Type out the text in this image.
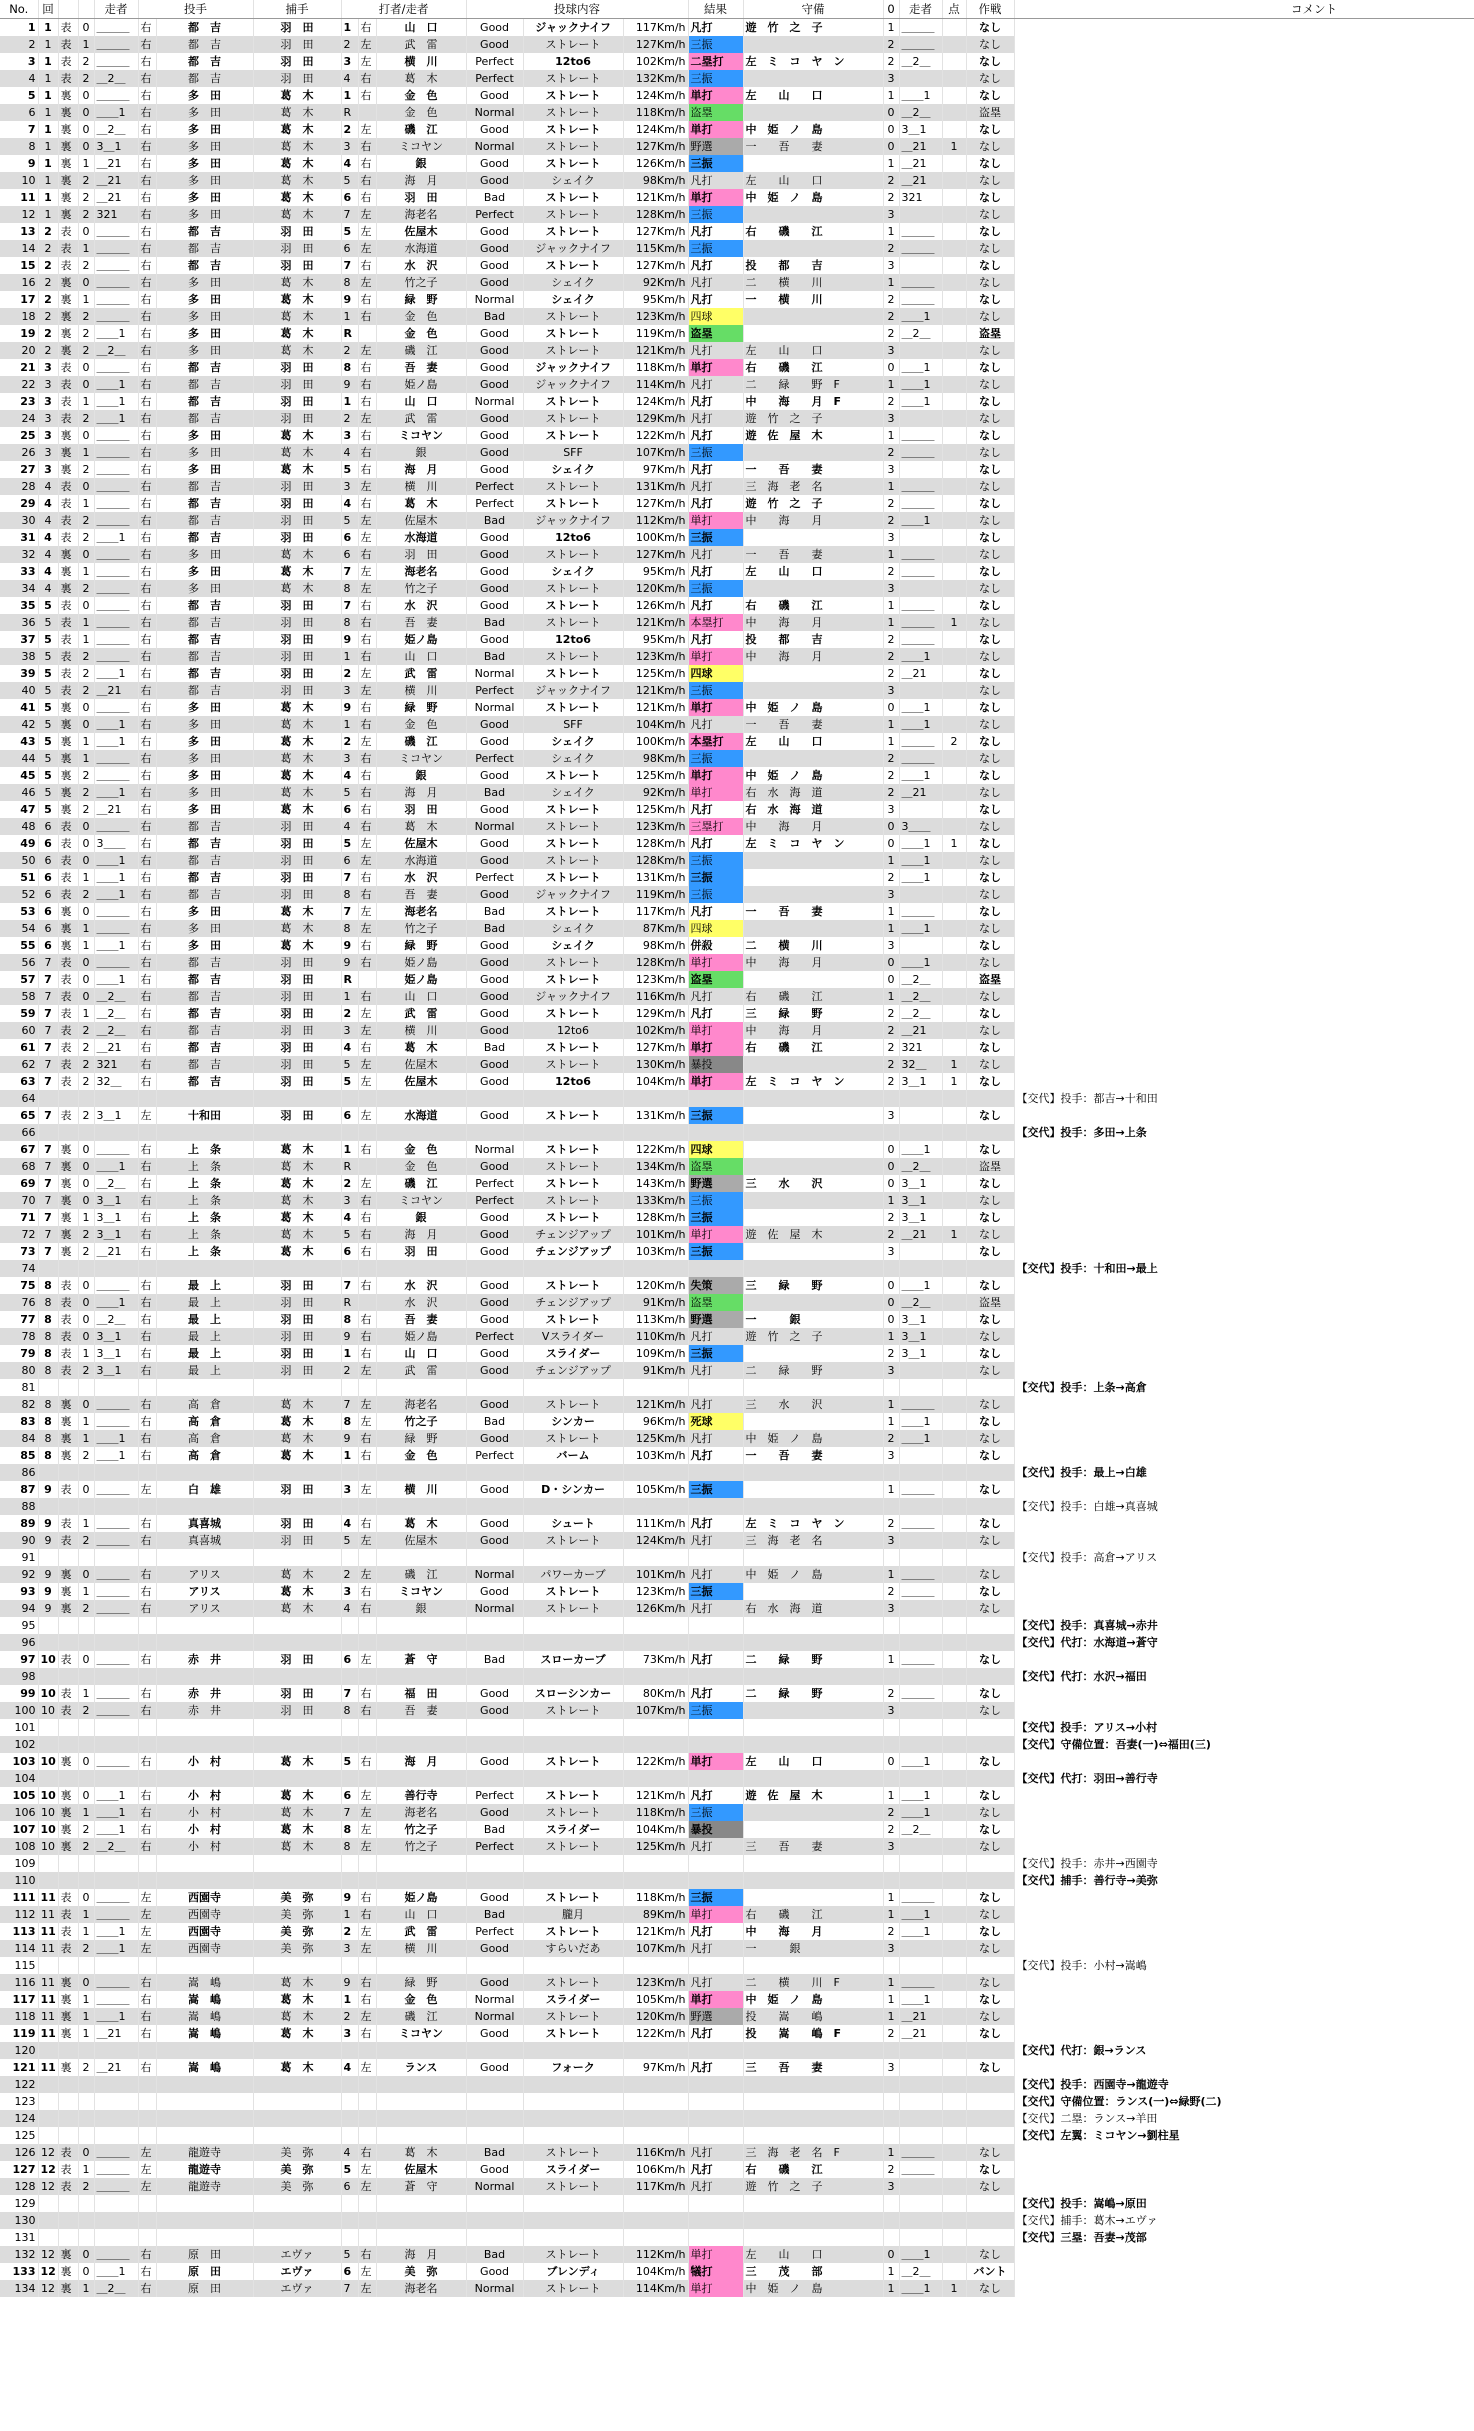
No.	回			走者	投手		捕手	打者/走者			投球内容			結果	守備	0	走者	点	作戦	コメント
1	1	表	0	＿＿＿	右	都　吉	羽　田	1	右	山　口	Good	ジャックナイフ	117Km/h	凡打	遊　竹　之　子	1	＿＿＿		なし	
2	1	表	1	＿＿＿	右	都　吉	羽　田	2	左	武　雷	Good	ストレート	127Km/h	三振		2	＿＿＿		なし	
3	1	表	2	＿＿＿	右	都　吉	羽　田	3	左	横　川	Perfect	12to6	102Km/h	二塁打	左　ミ　コ　ヤ　ン	2	＿2＿		なし	
4	1	表	2	＿2＿	右	都　吉	羽　田	4	右	葛　木	Perfect	ストレート	132Km/h	三振		3			なし	
5	1	裏	0	＿＿＿	右	多　田	葛　木	1	右	金　色	Good	ストレート	124Km/h	単打	左　　山　　口	1	＿＿1		なし	
6	1	裏	0	＿＿1	右	多　田	葛　木	R		金　色	Normal	ストレート	118Km/h	盗塁		0	＿2＿		盗塁	
7	1	裏	0	＿2＿	右	多　田	葛　木	2	左	磯　江	Good	ストレート	124Km/h	単打	中　姫　ノ　島	0	3＿1		なし	
8	1	裏	0	3＿1	右	多　田	葛　木	3	右	ミコヤン	Normal	ストレート	127Km/h	野選	一　　吾　　妻	0	＿21	1	なし	
9	1	裏	1	＿21	右	多　田	葛　木	4	右	銀	Good	ストレート	126Km/h	三振		1	＿21		なし	
10	1	裏	2	＿21	右	多　田	葛　木	5	右	海　月	Good	シェイク	98Km/h	凡打	左　　山　　口	2	＿21		なし	
11	1	裏	2	＿21	右	多　田	葛　木	6	右	羽　田	Bad	ストレート	121Km/h	単打	中　姫　ノ　島	2	321		なし	
12	1	裏	2	321	右	多　田	葛　木	7	左	海老名	Perfect	ストレート	128Km/h	三振		3			なし	
13	2	表	0	＿＿＿	右	都　吉	羽　田	5	左	佐屋木	Good	ストレート	127Km/h	凡打	右　　磯　　江	1	＿＿＿		なし	
14	2	表	1	＿＿＿	右	都　吉	羽　田	6	左	水海道	Good	ジャックナイフ	115Km/h	三振		2	＿＿＿		なし	
15	2	表	2	＿＿＿	右	都　吉	羽　田	7	右	水　沢	Good	ストレート	127Km/h	凡打	投　　都　　吉	3			なし	
16	2	裏	0	＿＿＿	右	多　田	葛　木	8	左	竹之子	Good	シェイク	92Km/h	凡打	二　　横　　川	1	＿＿＿		なし	
17	2	裏	1	＿＿＿	右	多　田	葛　木	9	右	緑　野	Normal	シェイク	95Km/h	凡打	一　　横　　川	2	＿＿＿		なし	
18	2	裏	2	＿＿＿	右	多　田	葛　木	1	右	金　色	Bad	ストレート	123Km/h	四球		2	＿＿1		なし	
19	2	裏	2	＿＿1	右	多　田	葛　木	R		金　色	Good	ストレート	119Km/h	盗塁		2	＿2＿		盗塁	
20	2	裏	2	＿2＿	右	多　田	葛　木	2	左	磯　江	Good	ストレート	121Km/h	凡打	左　　山　　口	3			なし	
21	3	表	0	＿＿＿	右	都　吉	羽　田	8	右	吾　妻	Good	ジャックナイフ	118Km/h	単打	右　　磯　　江	0	＿＿1		なし	
22	3	表	0	＿＿1	右	都　吉	羽　田	9	右	姫ノ島	Good	ジャックナイフ	114Km/h	凡打	二　　緑　　野　F	1	＿＿1		なし	
23	3	表	1	＿＿1	右	都　吉	羽　田	1	右	山　口	Normal	ストレート	124Km/h	凡打	中　　海　　月　F	2	＿＿1		なし	
24	3	表	2	＿＿1	右	都　吉	羽　田	2	左	武　雷	Good	ストレート	129Km/h	凡打	遊　竹　之　子	3			なし	
25	3	裏	0	＿＿＿	右	多　田	葛　木	3	右	ミコヤン	Good	ストレート	122Km/h	凡打	遊　佐　屋　木	1	＿＿＿		なし	
26	3	裏	1	＿＿＿	右	多　田	葛　木	4	右	銀	Good	SFF	107Km/h	三振		2	＿＿＿		なし	
27	3	裏	2	＿＿＿	右	多　田	葛　木	5	右	海　月	Good	シェイク	97Km/h	凡打	一　　吾　　妻	3			なし	
28	4	表	0	＿＿＿	右	都　吉	羽　田	3	左	横　川	Perfect	ストレート	131Km/h	凡打	三　海　老　名	1	＿＿＿		なし	
29	4	表	1	＿＿＿	右	都　吉	羽　田	4	右	葛　木	Perfect	ストレート	127Km/h	凡打	遊　竹　之　子	2	＿＿＿		なし	
30	4	表	2	＿＿＿	右	都　吉	羽　田	5	左	佐屋木	Bad	ジャックナイフ	112Km/h	単打	中　　海　　月	2	＿＿1		なし	
31	4	表	2	＿＿1	右	都　吉	羽　田	6	左	水海道	Good	12to6	100Km/h	三振		3			なし	
32	4	裏	0	＿＿＿	右	多　田	葛　木	6	右	羽　田	Good	ストレート	127Km/h	凡打	一　　吾　　妻	1	＿＿＿		なし	
33	4	裏	1	＿＿＿	右	多　田	葛　木	7	左	海老名	Good	シェイク	95Km/h	凡打	左　　山　　口	2	＿＿＿		なし	
34	4	裏	2	＿＿＿	右	多　田	葛　木	8	左	竹之子	Good	ストレート	120Km/h	三振		3			なし	
35	5	表	0	＿＿＿	右	都　吉	羽　田	7	右	水　沢	Good	ストレート	126Km/h	凡打	右　　磯　　江	1	＿＿＿		なし	
36	5	表	1	＿＿＿	右	都　吉	羽　田	8	右	吾　妻	Bad	ストレート	121Km/h	本塁打	中　　海　　月	1	＿＿＿	1	なし	
37	5	表	1	＿＿＿	右	都　吉	羽　田	9	右	姫ノ島	Good	12to6	95Km/h	凡打	投　　都　　吉	2	＿＿＿		なし	
38	5	表	2	＿＿＿	右	都　吉	羽　田	1	右	山　口	Bad	ストレート	123Km/h	単打	中　　海　　月	2	＿＿1		なし	
39	5	表	2	＿＿1	右	都　吉	羽　田	2	左	武　雷	Normal	ストレート	125Km/h	四球		2	＿21		なし	
40	5	表	2	＿21	右	都　吉	羽　田	3	左	横　川	Perfect	ジャックナイフ	121Km/h	三振		3			なし	
41	5	裏	0	＿＿＿	右	多　田	葛　木	9	右	緑　野	Normal	ストレート	121Km/h	単打	中　姫　ノ　島	0	＿＿1		なし	
42	5	裏	0	＿＿1	右	多　田	葛　木	1	右	金　色	Good	SFF	104Km/h	凡打	一　　吾　　妻	1	＿＿1		なし	
43	5	裏	1	＿＿1	右	多　田	葛　木	2	左	磯　江	Good	シェイク	100Km/h	本塁打	左　　山　　口	1	＿＿＿	2	なし	
44	5	裏	1	＿＿＿	右	多　田	葛　木	3	右	ミコヤン	Perfect	シェイク	98Km/h	三振		2	＿＿＿		なし	
45	5	裏	2	＿＿＿	右	多　田	葛　木	4	右	銀	Good	ストレート	125Km/h	単打	中　姫　ノ　島	2	＿＿1		なし	
46	5	裏	2	＿＿1	右	多　田	葛　木	5	右	海　月	Bad	シェイク	92Km/h	単打	右　水　海　道	2	＿21		なし	
47	5	裏	2	＿21	右	多　田	葛　木	6	右	羽　田	Good	ストレート	125Km/h	凡打	右　水　海　道	3			なし	
48	6	表	0	＿＿＿	右	都　吉	羽　田	4	右	葛　木	Normal	ストレート	123Km/h	三塁打	中　　海　　月	0	3＿＿		なし	
49	6	表	0	3＿＿	右	都　吉	羽　田	5	左	佐屋木	Good	ストレート	128Km/h	凡打	左　ミ　コ　ヤ　ン	0	＿＿1	1	なし	
50	6	表	0	＿＿1	右	都　吉	羽　田	6	左	水海道	Good	ストレート	128Km/h	三振		1	＿＿1		なし	
51	6	表	1	＿＿1	右	都　吉	羽　田	7	右	水　沢	Perfect	ストレート	131Km/h	三振		2	＿＿1		なし	
52	6	表	2	＿＿1	右	都　吉	羽　田	8	右	吾　妻	Good	ジャックナイフ	119Km/h	三振		3			なし	
53	6	裏	0	＿＿＿	右	多　田	葛　木	7	左	海老名	Bad	ストレート	117Km/h	凡打	一　　吾　　妻	1	＿＿＿		なし	
54	6	裏	1	＿＿＿	右	多　田	葛　木	8	左	竹之子	Bad	シェイク	87Km/h	四球		1	＿＿1		なし	
55	6	裏	1	＿＿1	右	多　田	葛　木	9	右	緑　野	Good	シェイク	98Km/h	併殺	二　　横　　川	3			なし	
56	7	表	0	＿＿＿	右	都　吉	羽　田	9	右	姫ノ島	Good	ストレート	128Km/h	単打	中　　海　　月	0	＿＿1		なし	
57	7	表	0	＿＿1	右	都　吉	羽　田	R		姫ノ島	Good	ストレート	123Km/h	盗塁		0	＿2＿		盗塁	
58	7	表	0	＿2＿	右	都　吉	羽　田	1	右	山　口	Good	ジャックナイフ	116Km/h	凡打	右　　磯　　江	1	＿2＿		なし	
59	7	表	1	＿2＿	右	都　吉	羽　田	2	左	武　雷	Good	ストレート	129Km/h	凡打	三　　緑　　野	2	＿2＿		なし	
60	7	表	2	＿2＿	右	都　吉	羽　田	3	左	横　川	Good	12to6	102Km/h	単打	中　　海　　月	2	＿21		なし	
61	7	表	2	＿21	右	都　吉	羽　田	4	右	葛　木	Bad	ストレート	127Km/h	単打	右　　磯　　江	2	321		なし	
62	7	表	2	321	右	都　吉	羽　田	5	左	佐屋木	Good	ストレート	130Km/h	暴投		2	32＿	1	なし	
63	7	表	2	32＿	右	都　吉	羽　田	5	左	佐屋木	Good	12to6	104Km/h	単打	左　ミ　コ　ヤ　ン	2	3＿1	1	なし	
64																				【交代】投手：都吉→十和田
65	7	表	2	3＿1	左	十和田	羽　田	6	左	水海道	Good	ストレート	131Km/h	三振		3			なし	
66																				【交代】投手：多田→上条
67	7	裏	0	＿＿＿	右	上　条	葛　木	1	右	金　色	Normal	ストレート	122Km/h	四球		0	＿＿1		なし	
68	7	裏	0	＿＿1	右	上　条	葛　木	R		金　色	Good	ストレート	134Km/h	盗塁		0	＿2＿		盗塁	
69	7	裏	0	＿2＿	右	上　条	葛　木	2	左	磯　江	Perfect	ストレート	143Km/h	野選	三　　水　　沢	0	3＿1		なし	
70	7	裏	0	3＿1	右	上　条	葛　木	3	右	ミコヤン	Perfect	ストレート	133Km/h	三振		1	3＿1		なし	
71	7	裏	1	3＿1	右	上　条	葛　木	4	右	銀	Good	ストレート	128Km/h	三振		2	3＿1		なし	
72	7	裏	2	3＿1	右	上　条	葛　木	5	右	海　月	Good	チェンジアップ	101Km/h	単打	遊　佐　屋　木	2	＿21	1	なし	
73	7	裏	2	＿21	右	上　条	葛　木	6	右	羽　田	Good	チェンジアップ	103Km/h	三振		3			なし	
74																				【交代】投手：十和田→最上
75	8	表	0	＿＿＿	右	最　上	羽　田	7	右	水　沢	Good	ストレート	120Km/h	失策	三　　緑　　野	0	＿＿1		なし	
76	8	表	0	＿＿1	右	最　上	羽　田	R		水　沢	Good	チェンジアップ	91Km/h	盗塁		0	＿2＿		盗塁	
77	8	表	0	＿2＿	右	最　上	羽　田	8	右	吾　妻	Good	ストレート	113Km/h	野選	一　　　銀	0	3＿1		なし	
78	8	表	0	3＿1	右	最　上	羽　田	9	右	姫ノ島	Perfect	Vスライダー	110Km/h	凡打	遊　竹　之　子	1	3＿1		なし	
79	8	表	1	3＿1	右	最　上	羽　田	1	右	山　口	Good	スライダー	109Km/h	三振		2	3＿1		なし	
80	8	表	2	3＿1	右	最　上	羽　田	2	左	武　雷	Good	チェンジアップ	91Km/h	凡打	二　　緑　　野	3			なし	
81																				【交代】投手：上条→高倉
82	8	裏	0	＿＿＿	右	高　倉	葛　木	7	左	海老名	Good	ストレート	121Km/h	凡打	三　　水　　沢	1	＿＿＿		なし	
83	8	裏	1	＿＿＿	右	高　倉	葛　木	8	左	竹之子	Bad	シンカー	96Km/h	死球		1	＿＿1		なし	
84	8	裏	1	＿＿1	右	高　倉	葛　木	9	右	緑　野	Good	ストレート	125Km/h	凡打	中　姫　ノ　島	2	＿＿1		なし	
85	8	裏	2	＿＿1	右	高　倉	葛　木	1	右	金　色	Perfect	バーム	103Km/h	凡打	一　　吾　　妻	3			なし	
86																				【交代】投手：最上→白雄
87	9	表	0	＿＿＿	左	白　雄	羽　田	3	左	横　川	Good	D・シンカー	105Km/h	三振		1	＿＿＿		なし	
88																				【交代】投手：白雄→真喜城
89	9	表	1	＿＿＿	右	真喜城	羽　田	4	右	葛　木	Good	シュート	111Km/h	凡打	左　ミ　コ　ヤ　ン	2	＿＿＿		なし	
90	9	表	2	＿＿＿	右	真喜城	羽　田	5	左	佐屋木	Good	ストレート	124Km/h	凡打	三　海　老　名	3			なし	
91																				【交代】投手：高倉→アリス
92	9	裏	0	＿＿＿	右	アリス	葛　木	2	左	磯　江	Normal	パワーカーブ	101Km/h	凡打	中　姫　ノ　島	1	＿＿＿		なし	
93	9	裏	1	＿＿＿	右	アリス	葛　木	3	右	ミコヤン	Good	ストレート	123Km/h	三振		2	＿＿＿		なし	
94	9	裏	2	＿＿＿	右	アリス	葛　木	4	右	銀	Normal	ストレート	126Km/h	凡打	右　水　海　道	3			なし	
95																				【交代】投手：真喜城→赤井
96																				【交代】代打：水海道→蒼守
97	10	表	0	＿＿＿	右	赤　井	羽　田	6	左	蒼　守	Bad	スローカーブ	73Km/h	凡打	二　　緑　　野	1	＿＿＿		なし	
98																				【交代】代打：水沢→福田
99	10	表	1	＿＿＿	右	赤　井	羽　田	7	右	福　田	Good	スローシンカー	80Km/h	凡打	二　　緑　　野	2	＿＿＿		なし	
100	10	表	2	＿＿＿	右	赤　井	羽　田	8	右	吾　妻	Good	ストレート	107Km/h	三振		3			なし	
101																				【交代】投手：アリス→小村
102																				【交代】守備位置：吾妻(一)⇔福田(三)
103	10	裏	0	＿＿＿	右	小　村	葛　木	5	右	海　月	Good	ストレート	122Km/h	単打	左　　山　　口	0	＿＿1		なし	
104																				【交代】代打：羽田→善行寺
105	10	裏	0	＿＿1	右	小　村	葛　木	6	左	善行寺	Perfect	ストレート	121Km/h	凡打	遊　佐　屋　木	1	＿＿1		なし	
106	10	裏	1	＿＿1	右	小　村	葛　木	7	左	海老名	Good	ストレート	118Km/h	三振		2	＿＿1		なし	
107	10	裏	2	＿＿1	右	小　村	葛　木	8	左	竹之子	Bad	スライダー	104Km/h	暴投		2	＿2＿		なし	
108	10	裏	2	＿2＿	右	小　村	葛　木	8	左	竹之子	Perfect	ストレート	125Km/h	凡打	三　　吾　　妻	3			なし	
109																				【交代】投手：赤井→西園寺
110																				【交代】捕手：善行寺→美弥
111	11	表	0	＿＿＿	左	西園寺	美　弥	9	右	姫ノ島	Good	ストレート	118Km/h	三振		1	＿＿＿		なし	
112	11	表	1	＿＿＿	左	西園寺	美　弥	1	右	山　口	Bad	朧月	89Km/h	単打	右　　磯　　江	1	＿＿1		なし	
113	11	表	1	＿＿1	左	西園寺	美　弥	2	左	武　雷	Perfect	ストレート	121Km/h	凡打	中　　海　　月	2	＿＿1		なし	
114	11	表	2	＿＿1	左	西園寺	美　弥	3	左	横　川	Good	すらいだあ	107Km/h	凡打	一　　　銀	3			なし	
115																				【交代】投手：小村→嵩嶋
116	11	裏	0	＿＿＿	右	嵩　嶋	葛　木	9	右	緑　野	Good	ストレート	123Km/h	凡打	二　　横　　川　F	1	＿＿＿		なし	
117	11	裏	1	＿＿＿	右	嵩　嶋	葛　木	1	右	金　色	Normal	スライダー	105Km/h	単打	中　姫　ノ　島	1	＿＿1		なし	
118	11	裏	1	＿＿1	右	嵩　嶋	葛　木	2	左	磯　江	Normal	ストレート	120Km/h	野選	投　　嵩　　嶋	1	＿21		なし	
119	11	裏	1	＿21	右	嵩　嶋	葛　木	3	右	ミコヤン	Good	ストレート	122Km/h	凡打	投　　嵩　　嶋　F	2	＿21		なし	
120																				【交代】代打：銀→ランス
121	11	裏	2	＿21	右	嵩　嶋	葛　木	4	左	ランス	Good	フォーク	97Km/h	凡打	三　　吾　　妻	3			なし	
122																				【交代】投手：西園寺→龍遊寺
123																				【交代】守備位置：ランス(一)⇔緑野(二)
124																				【交代】二塁：ランス→羊田
125																				【交代】左翼：ミコヤン→劉柱星
126	12	表	0	＿＿＿	左	龍遊寺	美　弥	4	右	葛　木	Bad	ストレート	116Km/h	凡打	三　海　老　名　F	1	＿＿＿		なし	
127	12	表	1	＿＿＿	左	龍遊寺	美　弥	5	左	佐屋木	Good	スライダー	106Km/h	凡打	右　　磯　　江	2	＿＿＿		なし	
128	12	表	2	＿＿＿	左	龍遊寺	美　弥	6	左	蒼　守	Normal	ストレート	117Km/h	凡打	遊　竹　之　子	3			なし	
129																				【交代】投手：嵩嶋→原田
130																				【交代】捕手：葛木→エヴァ
131																				【交代】三塁：吾妻→茂部
132	12	裏	0	＿＿＿	右	原　田	エヴァ	5	右	海　月	Bad	ストレート	112Km/h	単打	左　　山　　口	0	＿＿1		なし	
133	12	裏	0	＿＿1	右	原　田	エヴァ	6	左	美　弥	Good	ブレンディ	104Km/h	犠打	三　　茂　　部	1	＿2＿		バント	
134	12	裏	1	＿2＿	右	原　田	エヴァ	7	左	海老名	Normal	ストレート	114Km/h	単打	中　姫　ノ　島	1	＿＿1	1	なし	
